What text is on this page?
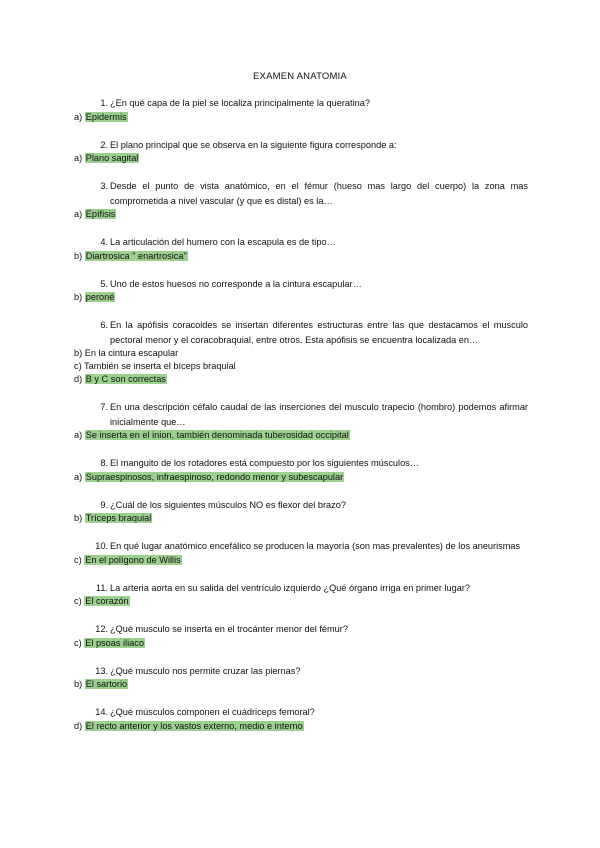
EXAMEN ANATOMIA
1. ¿En qué capa de la piel se localiza principalmente la queratina?
a) Epidermis
2. El plano principal que se observa en la siguiente figura corresponde a:
a) Plano sagital
3. Desde el punto de vista anatómico, en el fémur (hueso mas largo del cuerpo) la zona mas comprometida a nivel vascular (y que es distal) es la…
a) Epífisis
4. La articulación del humero con la escapula es de tipo…
b) Diartrosica " enartrosica"
5. Uno de estos huesos no corresponde a la cintura escapular…
b) peroné
6. En la apófisis coracoides se insertan diferentes estructuras entre las que destacamos el musculo pectoral menor y el coracobraquial, entre otros. Esta apófisis se encuentra localizada en…
b) En la cintura escapular
c) También se inserta el bíceps braquial
d) B y C son correctas
7. En una descripción céfalo caudal de las inserciones del musculo trapecio (hombro) podemos afirmar inicialmente que…
a) Se inserta en el inion, también denominada tuberosidad occipital
8. El manguito de los rotadores está compuesto por los siguientes músculos…
a) Supraespinosos, infraespinoso, redondo menor y subescapular
9. ¿Cuál de los siguientes músculos NO es flexor del brazo?
b) Tríceps braquial
10. En qué lugar anatómico encefálico se producen la mayoría (son mas prevalentes) de los aneurismas
c) En el polígono de Willis
11. La arteria aorta en su salida del ventrículo izquierdo ¿Qué órgano irriga en primer lugar?
c) El corazón
12. ¿Qué musculo se inserta en el trocánter menor del fémur?
c) El psoas iliaco
13. ¿Qué musculo nos permite cruzar las piernas?
b) El sartorio
14. ¿Qué músculos componen el cuádriceps femoral?
d) El recto anterior y los vastos externo, medio e interno
